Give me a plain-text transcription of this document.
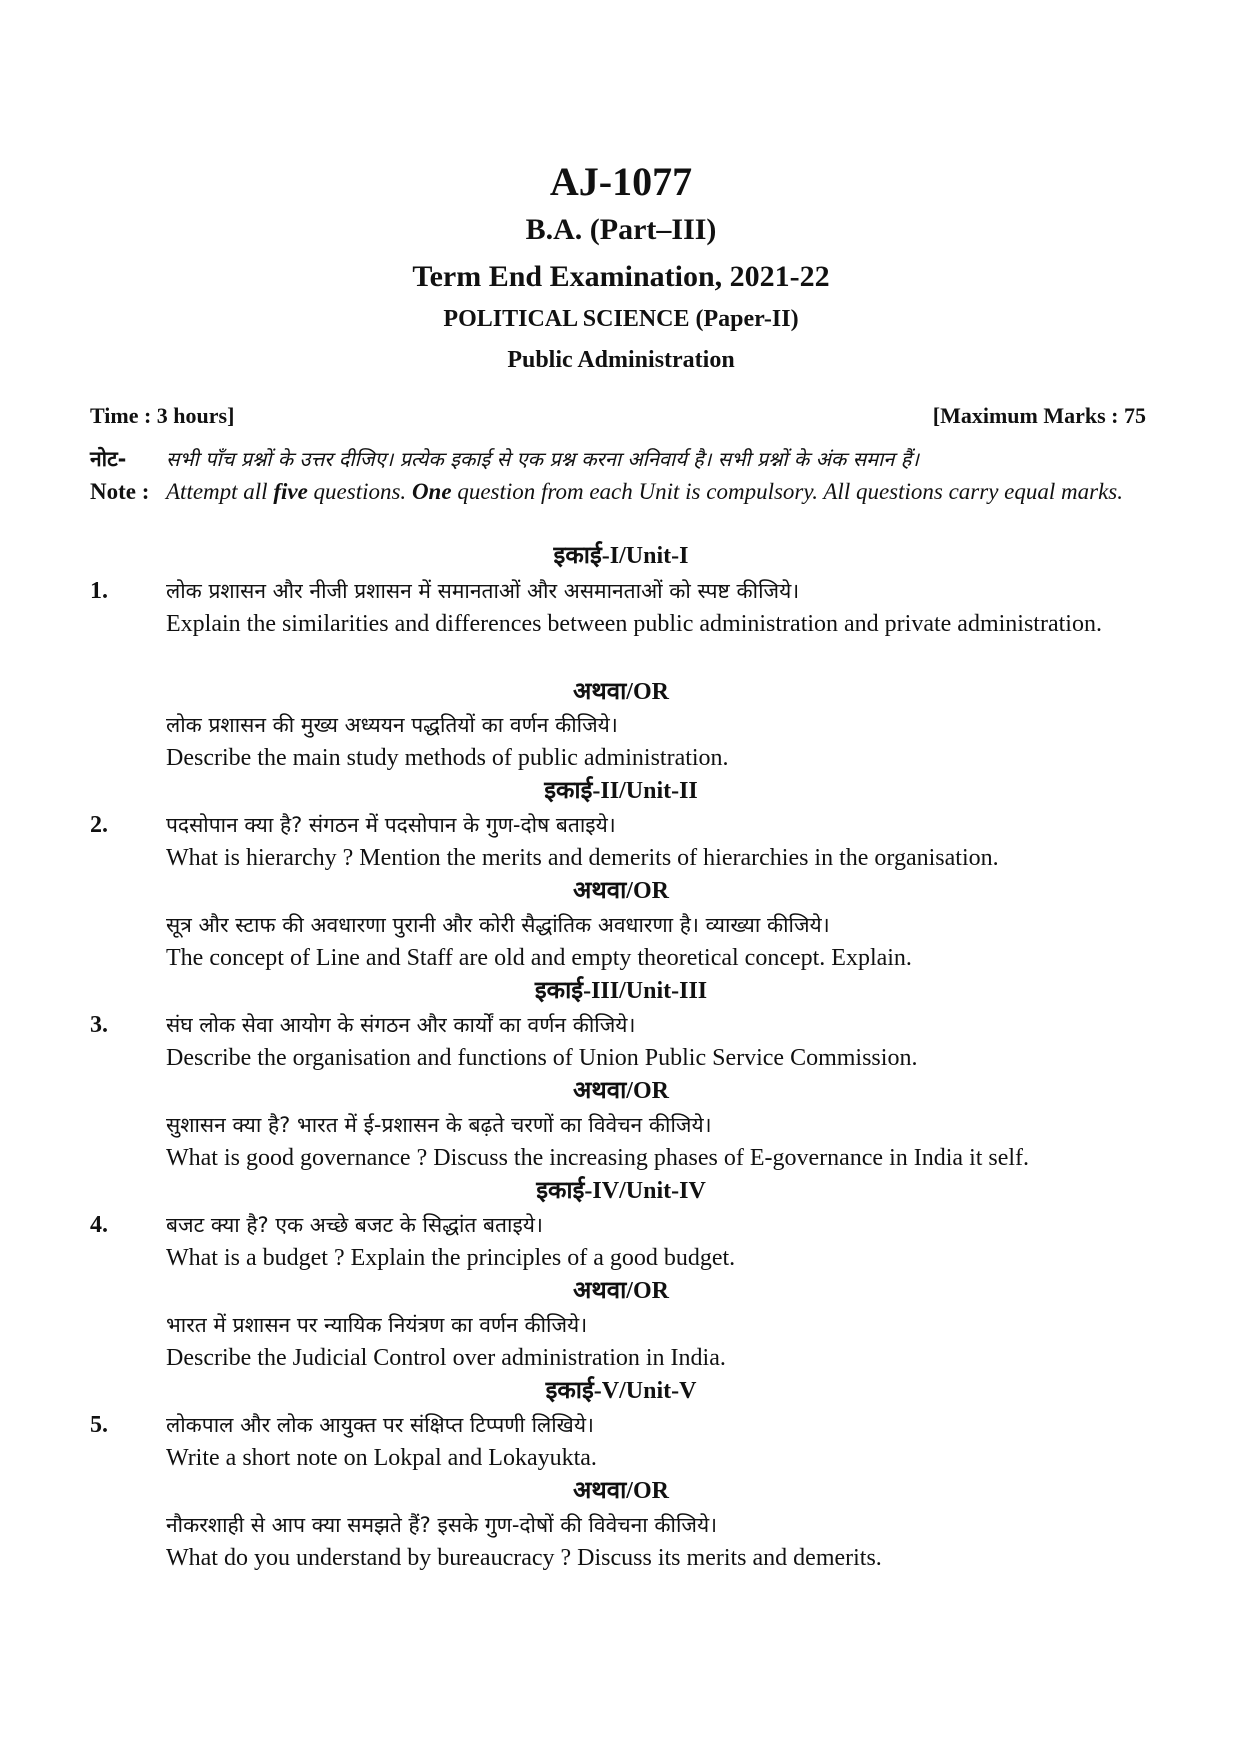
AJ-1077
B.A. (Part–III)
Term End Examination, 2021-22
POLITICAL SCIENCE (Paper-II)
Public Administration
Time : 3 hours]	[Maximum Marks : 75
नोट- सभी पाँच प्रश्नों के उत्तर दीजिए। प्रत्येक इकाई से एक प्रश्न करना अनिवार्य है। सभी प्रश्नों के अंक समान हैं।
Note : Attempt all five questions. One question from each Unit is compulsory. All questions carry equal marks.
इकाई-I/Unit-I
1.	लोक प्रशासन और नीजी प्रशासन में समानताओं और असमानताओं को स्पष्ट कीजिये।
Explain the similarities and differences between public administration and private administration.
अथवा/OR
लोक प्रशासन की मुख्य अध्ययन पद्धतियों का वर्णन कीजिये।
Describe the main study methods of public administration.
इकाई-II/Unit-II
2.	पदसोपान क्या है? संगठन में पदसोपान के गुण-दोष बताइये।
What is hierarchy ? Mention the merits and demerits of hierarchies in the organisation.
अथवा/OR
सूत्र और स्टाफ की अवधारणा पुरानी और कोरी सैद्धांतिक अवधारणा है। व्याख्या कीजिये।
The concept of Line and Staff are old and empty theoretical concept. Explain.
इकाई-III/Unit-III
3.	संघ लोक सेवा आयोग के संगठन और कार्यों का वर्णन कीजिये।
Describe the organisation and functions of Union Public Service Commission.
अथवा/OR
सुशासन क्या है? भारत में ई-प्रशासन के बढ़ते चरणों का विवेचन कीजिये।
What is good governance ? Discuss the increasing phases of E-governance in India it self.
इकाई-IV/Unit-IV
4.	बजट क्या है? एक अच्छे बजट के सिद्धांत बताइये।
What is a budget ? Explain the principles of a good budget.
अथवा/OR
भारत में प्रशासन पर न्यायिक नियंत्रण का वर्णन कीजिये।
Describe the Judicial Control over administration in India.
इकाई-V/Unit-V
5.	लोकपाल और लोक आयुक्त पर संक्षिप्त टिप्पणी लिखिये।
Write a short note on Lokpal and Lokayukta.
अथवा/OR
नौकरशाही से आप क्या समझते हैं? इसके गुण-दोषों की विवेचना कीजिये।
What do you understand by bureaucracy ? Discuss its merits and demerits.
